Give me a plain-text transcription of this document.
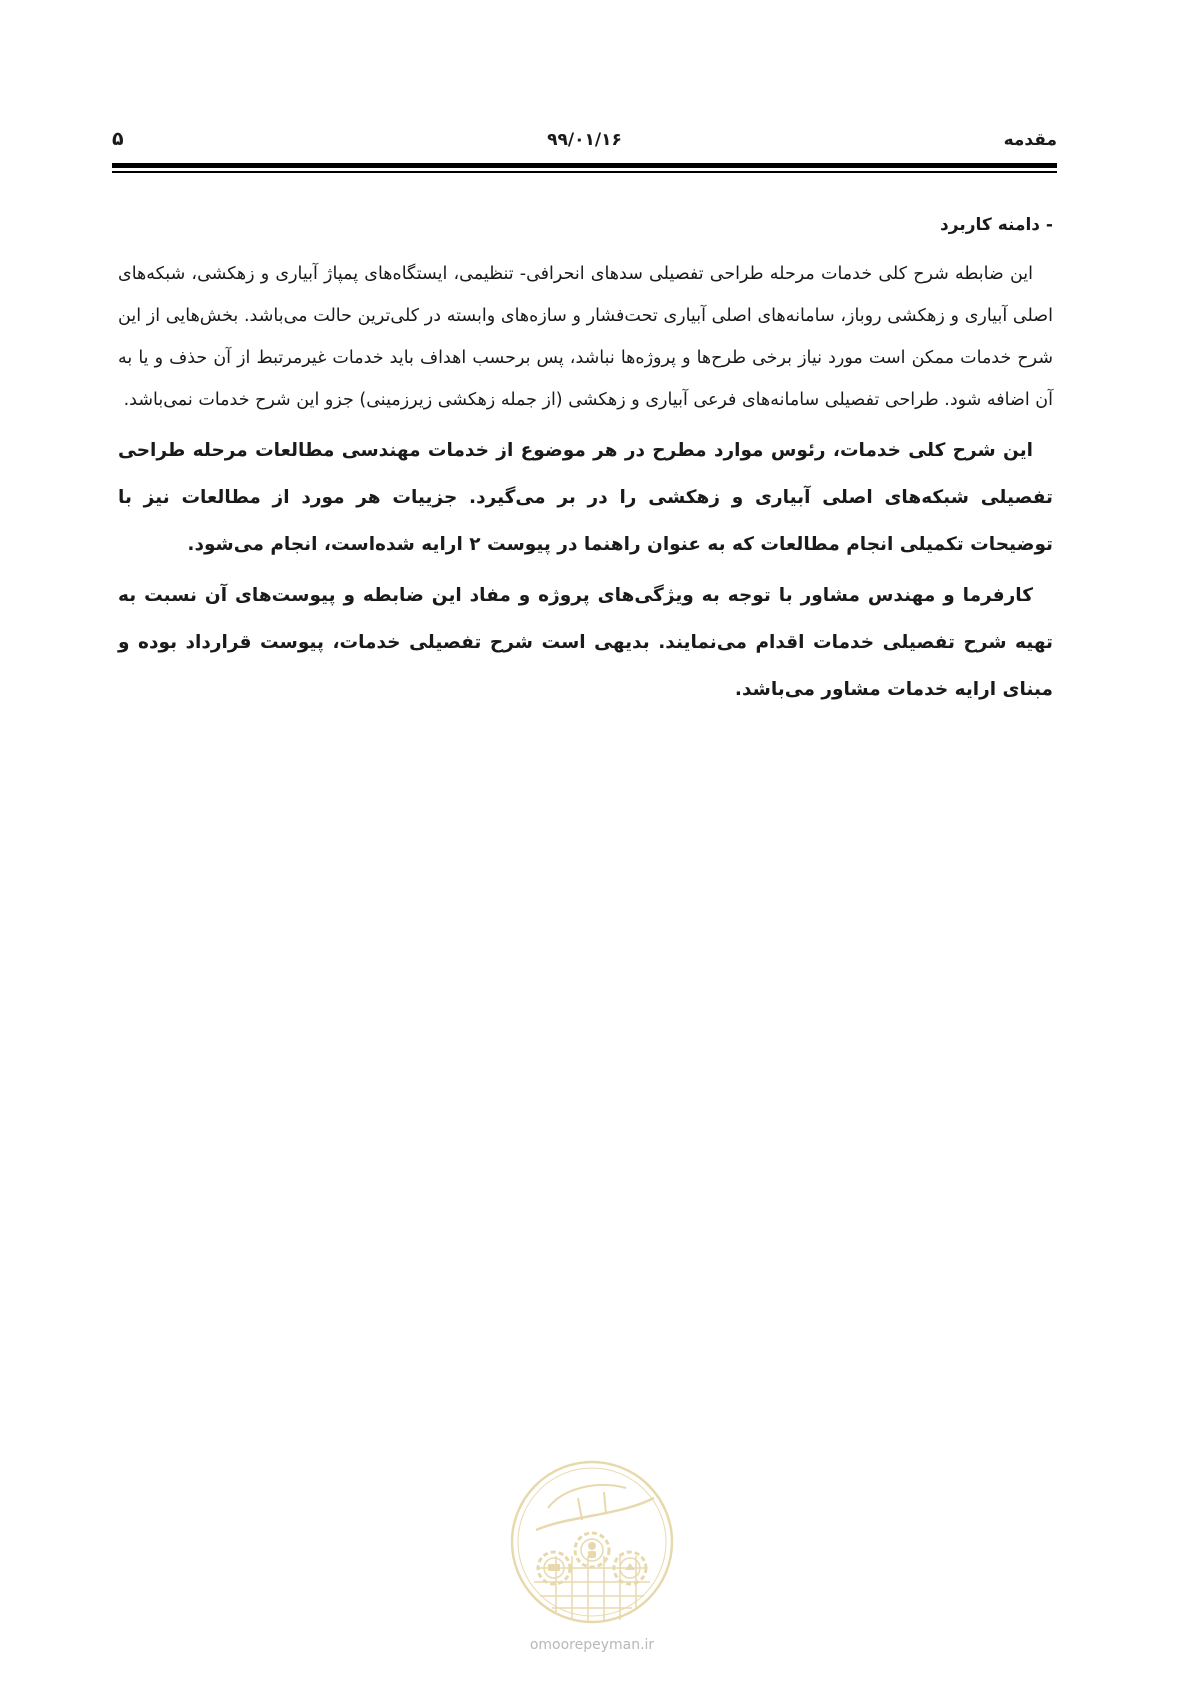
مقدمه
۹۹/۰۱/۱۶
۵
- دامنه کاربرد

این ضابطه شرح کلی خدمات مرحله طراحی تفصیلی سدهای انحرافی- تنظیمی، ایستگاه‌های پمپاژ آبیاری و زهکشی، شبکه‌های اصلی آبیاری و زهکشی روباز، سامانه‌های اصلی آبیاری تحت‌فشار و سازه‌های وابسته در کلی‌ترین حالت می‌باشد. بخش‌هایی از این شرح خدمات ممکن است مورد نیاز برخی طرح‌ها و پروژه‌ها نباشد، پس برحسب اهداف باید خدمات غیرمرتبط از آن حذف و یا به آن اضافه شود. طراحی تفصیلی سامانه‌های فرعی آبیاری و زهکشی (از جمله زهکشی زیرزمینی) جزو این شرح خدمات نمی‌باشد.

این شرح کلی خدمات، رئوس موارد مطرح در هر موضوع از خدمات مهندسی مطالعات مرحله طراحی تفصیلی شبکه‌های اصلی آبیاری و زهکشی را در بر می‌گیرد. جزییات هر مورد از مطالعات نیز با توضیحات تکمیلی انجام مطالعات که به عنوان راهنما در پیوست ۲ ارایه شده‌است، انجام می‌شود.

کارفرما و مهندس مشاور با توجه به ویژگی‌های پروژه و مفاد این ضابطه و پیوست‌های آن نسبت به تهیه شرح تفصیلی خدمات اقدام می‌نمایند. بدیهی است شرح تفصیلی خدمات، پیوست قرارداد بوده و مبنای ارایه خدمات مشاور می‌باشد.

omoorepeyman.ir
